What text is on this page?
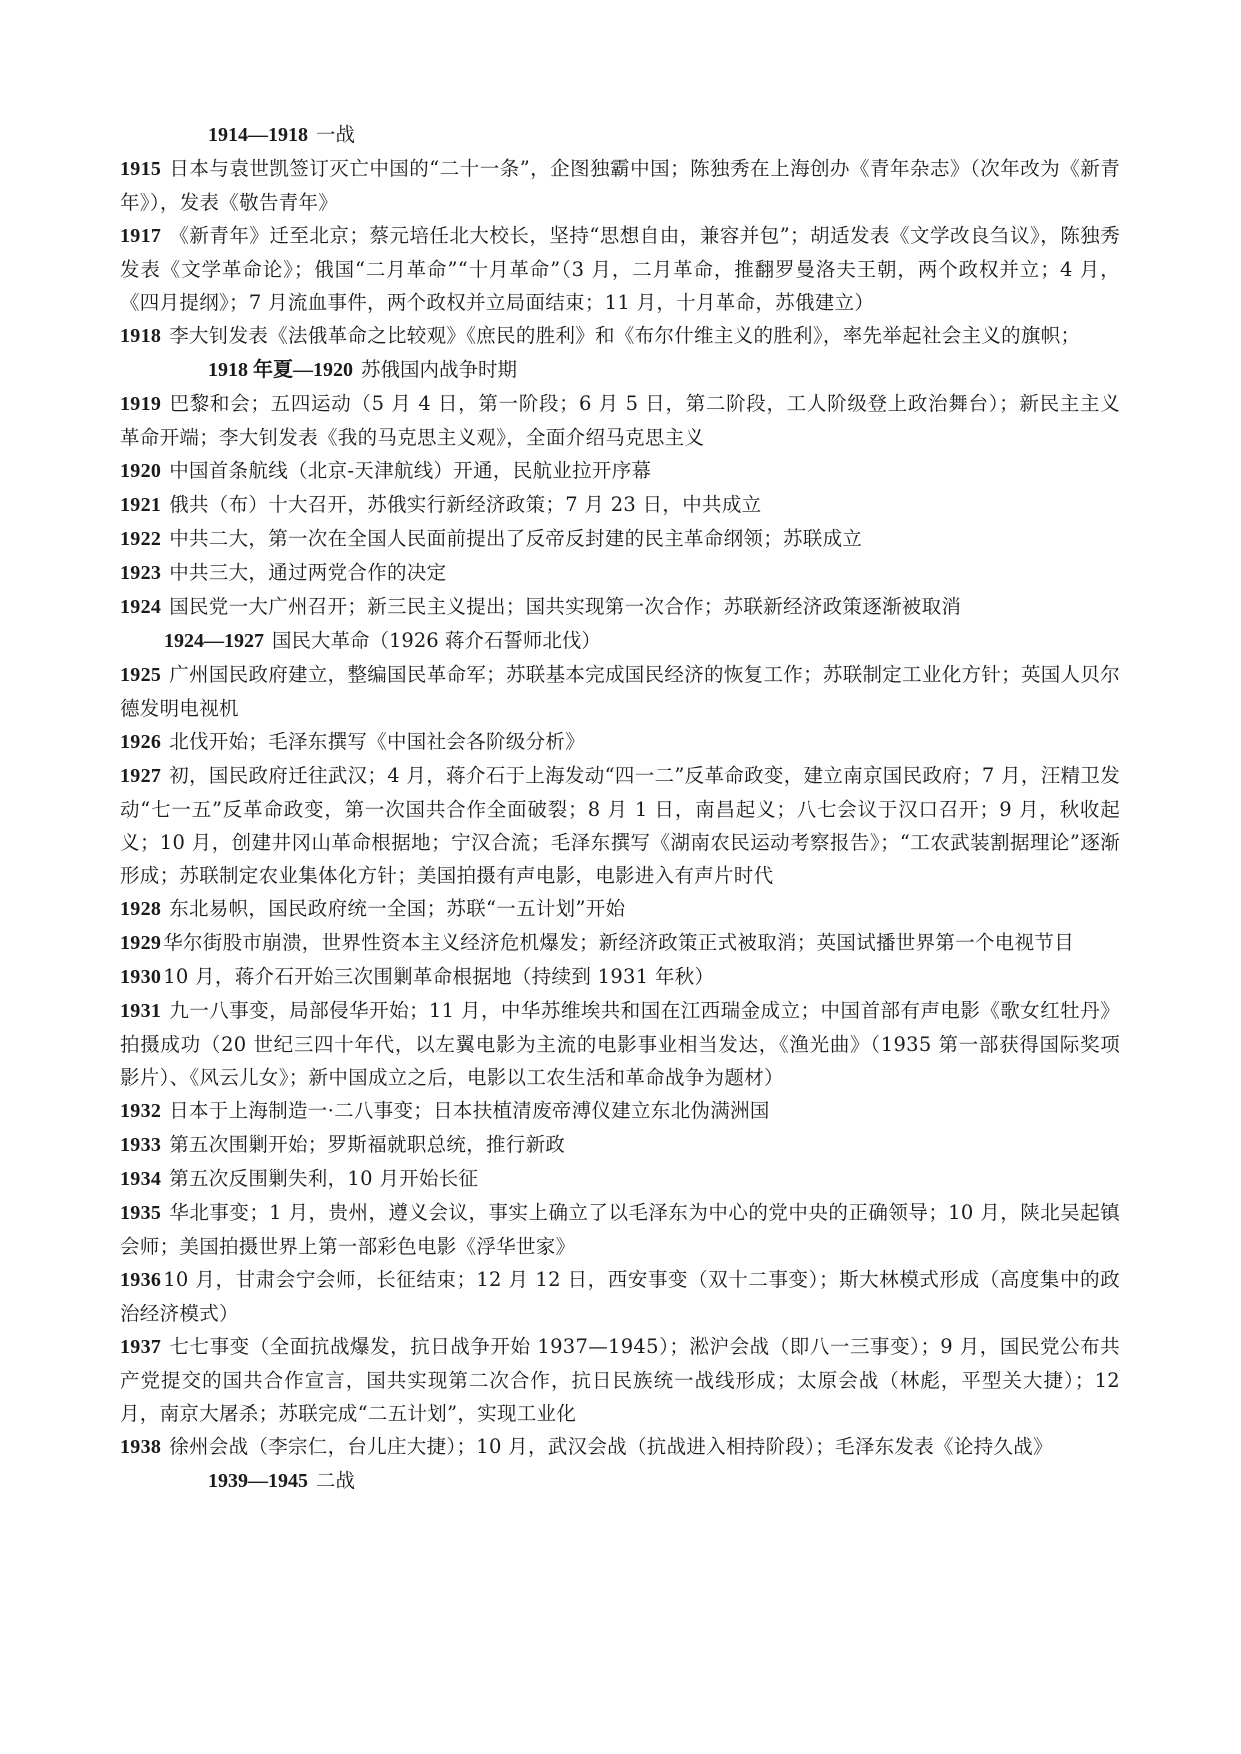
1914—1918 一战

1915 日本与袁世凯签订灭亡中国的“二十一条”，企图独霸中国；陈独秀在上海创办《青年杂志》（次年改为《新青年》），发表《敬告青年》

1917 《新青年》迁至北京；蔡元培任北大校长，坚持“思想自由，兼容并包”；胡适发表《文学改良刍议》，陈独秀发表《文学革命论》；俄国“二月革命”“十月革命”（3 月，二月革命，推翻罗曼洛夫王朝，两个政权并立；4 月，《四月提纲》；7 月流血事件，两个政权并立局面结束；11 月，十月革命，苏俄建立）

1918 李大钊发表《法俄革命之比较观》《庶民的胜利》和《布尔什维主义的胜利》，率先举起社会主义的旗帜；

1918 年夏—1920 苏俄国内战争时期

1919 巴黎和会；五四运动（5 月 4 日，第一阶段；6 月 5 日，第二阶段，工人阶级登上政治舞台）；新民主主义革命开端；李大钊发表《我的马克思主义观》，全面介绍马克思主义

1920 中国首条航线（北京-天津航线）开通，民航业拉开序幕

1921 俄共（布）十大召开，苏俄实行新经济政策；7 月 23 日，中共成立

1922 中共二大，第一次在全国人民面前提出了反帝反封建的民主革命纲领；苏联成立

1923 中共三大，通过两党合作的决定

1924 国民党一大广州召开；新三民主义提出；国共实现第一次合作；苏联新经济政策逐渐被取消

1924—1927 国民大革命（1926 蒋介石誓师北伐）

1925 广州国民政府建立，整编国民革命军；苏联基本完成国民经济的恢复工作；苏联制定工业化方针；英国人贝尔德发明电视机

1926 北伐开始；毛泽东撰写《中国社会各阶级分析》

1927 初，国民政府迁往武汉；4 月，蒋介石于上海发动“四一二”反革命政变，建立南京国民政府；7 月，汪精卫发动“七一五”反革命政变，第一次国共合作全面破裂；8 月 1 日，南昌起义；八七会议于汉口召开；9 月，秋收起义；10 月，创建井冈山革命根据地；宁汉合流；毛泽东撰写《湖南农民运动考察报告》；“工农武装割据理论”逐渐形成；苏联制定农业集体化方针；美国拍摄有声电影，电影进入有声片时代

1928 东北易帜，国民政府统一全国；苏联“一五计划”开始

1929 华尔街股市崩溃，世界性资本主义经济危机爆发；新经济政策正式被取消；英国试播世界第一个电视节目

1930 10 月，蒋介石开始三次围剿革命根据地（持续到 1931 年秋）

1931 九一八事变，局部侵华开始；11 月，中华苏维埃共和国在江西瑞金成立；中国首部有声电影《歌女红牡丹》拍摄成功（20 世纪三四十年代，以左翼电影为主流的电影事业相当发达，《渔光曲》（1935 第一部获得国际奖项影片）、《风云儿女》；新中国成立之后，电影以工农生活和革命战争为题材）

1932 日本于上海制造一·二八事变；日本扶植清废帝溥仪建立东北伪满洲国

1933 第五次围剿开始；罗斯福就职总统，推行新政

1934 第五次反围剿失利，10 月开始长征

1935 华北事变；1 月，贵州，遵义会议，事实上确立了以毛泽东为中心的党中央的正确领导；10 月，陕北吴起镇会师；美国拍摄世界上第一部彩色电影《浮华世家》

1936 10 月，甘肃会宁会师，长征结束；12 月 12 日，西安事变（双十二事变）；斯大林模式形成（高度集中的政治经济模式）

1937 七七事变（全面抗战爆发，抗日战争开始 1937—1945）；淞沪会战（即八一三事变）；9 月，国民党公布共产党提交的国共合作宣言，国共实现第二次合作，抗日民族统一战线形成；太原会战（林彪，平型关大捷）；12 月，南京大屠杀；苏联完成“二五计划”，实现工业化

1938 徐州会战（李宗仁，台儿庄大捷）；10 月，武汉会战（抗战进入相持阶段）；毛泽东发表《论持久战》

1939—1945 二战
